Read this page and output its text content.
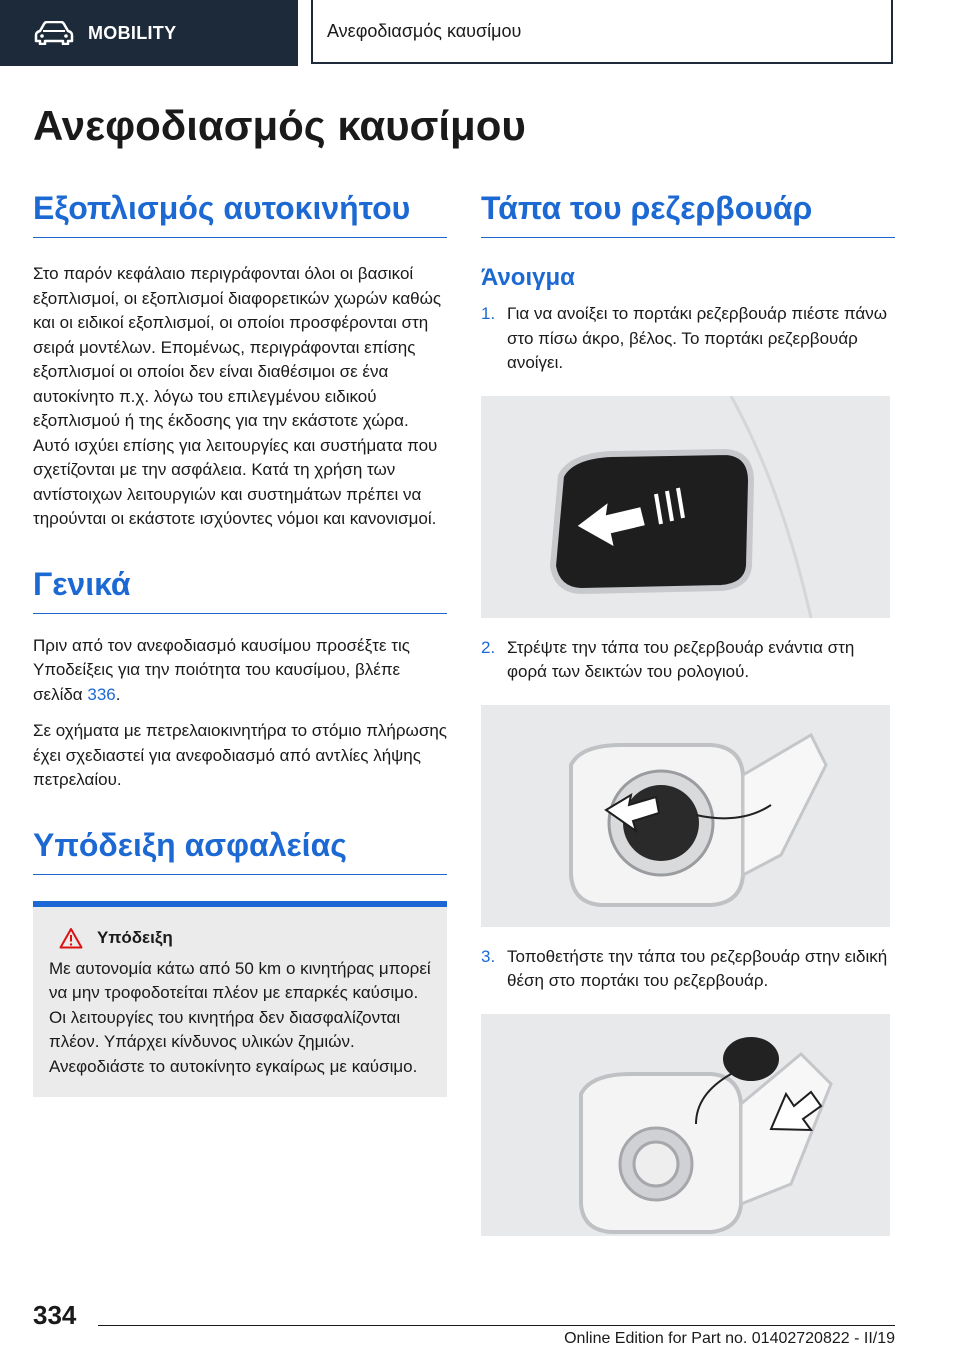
MOBILITY	Ανεφοδιασμός καυσίμου
Ανεφοδιασμός καυσίμου
Εξοπλισμός αυτοκινήτου

Στο παρόν κεφάλαιο περιγράφονται όλοι οι βασικοί εξοπλισμοί, οι εξοπλισμοί διαφορετικών χωρών καθώς και οι ειδικοί εξοπλισμοί, οι οποίοι προσφέρονται στη σειρά μοντέλων. Επομένως, περιγράφονται επίσης εξοπλισμοί οι οποίοι δεν είναι διαθέσιμοι σε ένα αυτοκίνητο π.χ. λόγω του επιλεγμένου ειδικού εξοπλισμού ή της έκδοσης για την εκάστοτε χώρα. Αυτό ισχύει επίσης για λειτουργίες και συστήματα που σχετίζονται με την ασφάλεια. Κατά τη χρήση των αντίστοιχων λειτουργιών και συστημάτων πρέπει να τηρούνται οι εκάστοτε ισχύοντες νόμοι και κανονισμοί.

Γενικά

Πριν από τον ανεφοδιασμό καυσίμου προσέξτε τις Υποδείξεις για την ποιότητα του καυσίμου, βλέπε σελίδα 336.

Σε οχήματα με πετρελαιοκινητήρα το στόμιο πλήρωσης έχει σχεδιαστεί για ανεφοδιασμό από αντλίες λήψης πετρελαίου.

Υπόδειξη ασφαλείας
Υπόδειξη

Με αυτονομία κάτω από 50 km ο κινητήρας μπορεί να μην τροφοδοτείται πλέον με επαρκές καύσιμο. Οι λειτουργίες του κινητήρα δεν διασφαλίζονται πλέον. Υπάρχει κίνδυνος υλικών ζημιών. Ανεφοδιάστε το αυτοκίνητο εγκαίρως με καύσιμο.

Τάπα του ρεζερβουάρ
Άνοιγμα
1. Για να ανοίξει το πορτάκι ρεζερβουάρ πιέστε πάνω στο πίσω άκρο, βέλος. Το πορτάκι ρεζερβουάρ ανοίγει.

2. Στρέψτε την τάπα του ρεζερβουάρ ενάντια στη φορά των δεικτών του ρολογιού.

3. Τοποθετήστε την τάπα του ρεζερβουάρ στην ειδική θέση στο πορτάκι του ρεζερβουάρ.

334
Online Edition for Part no. 01402720822 - II/19
